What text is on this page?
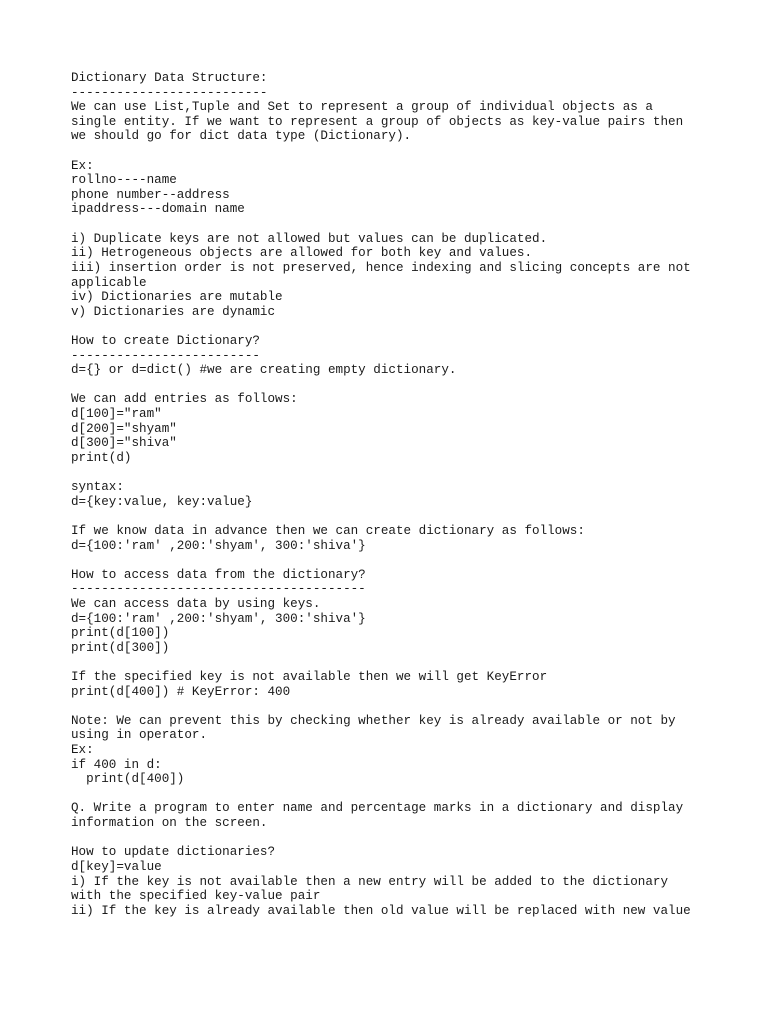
Dictionary Data Structure:
--------------------------
We can use List,Tuple and Set to represent a group of individual objects as a
single entity. If we want to represent a group of objects as key-value pairs then
we should go for dict data type (Dictionary).
Ex:
rollno----name
phone number--address
ipaddress---domain name
i) Duplicate keys are not allowed but values can be duplicated.
ii) Hetrogeneous objects are allowed for both key and values.
iii) insertion order is not preserved, hence indexing and slicing concepts are not
applicable
iv) Dictionaries are mutable
v) Dictionaries are dynamic
How to create Dictionary?
-------------------------
d={} or d=dict() #we are creating empty dictionary.
We can add entries as follows:
d[100]="ram"
d[200]="shyam"
d[300]="shiva"
print(d)
syntax:
d={key:value, key:value}
If we know data in advance then we can create dictionary as follows:
d={100:'ram' ,200:'shyam', 300:'shiva'}
How to access data from the dictionary?
---------------------------------------
We can access data by using keys.
d={100:'ram' ,200:'shyam', 300:'shiva'}
print(d[100])
print(d[300])
If the specified key is not available then we will get KeyError
print(d[400]) # KeyError: 400
Note: We can prevent this by checking whether key is already available or not by
using in operator.
Ex:
if 400 in d:
print(d[400])
Q. Write a program to enter name and percentage marks in a dictionary and display
information on the screen.
How to update dictionaries?
d[key]=value
i) If the key is not available then a new entry will be added to the dictionary
with the specified key-value pair
ii) If the key is already available then old value will be replaced with new value
